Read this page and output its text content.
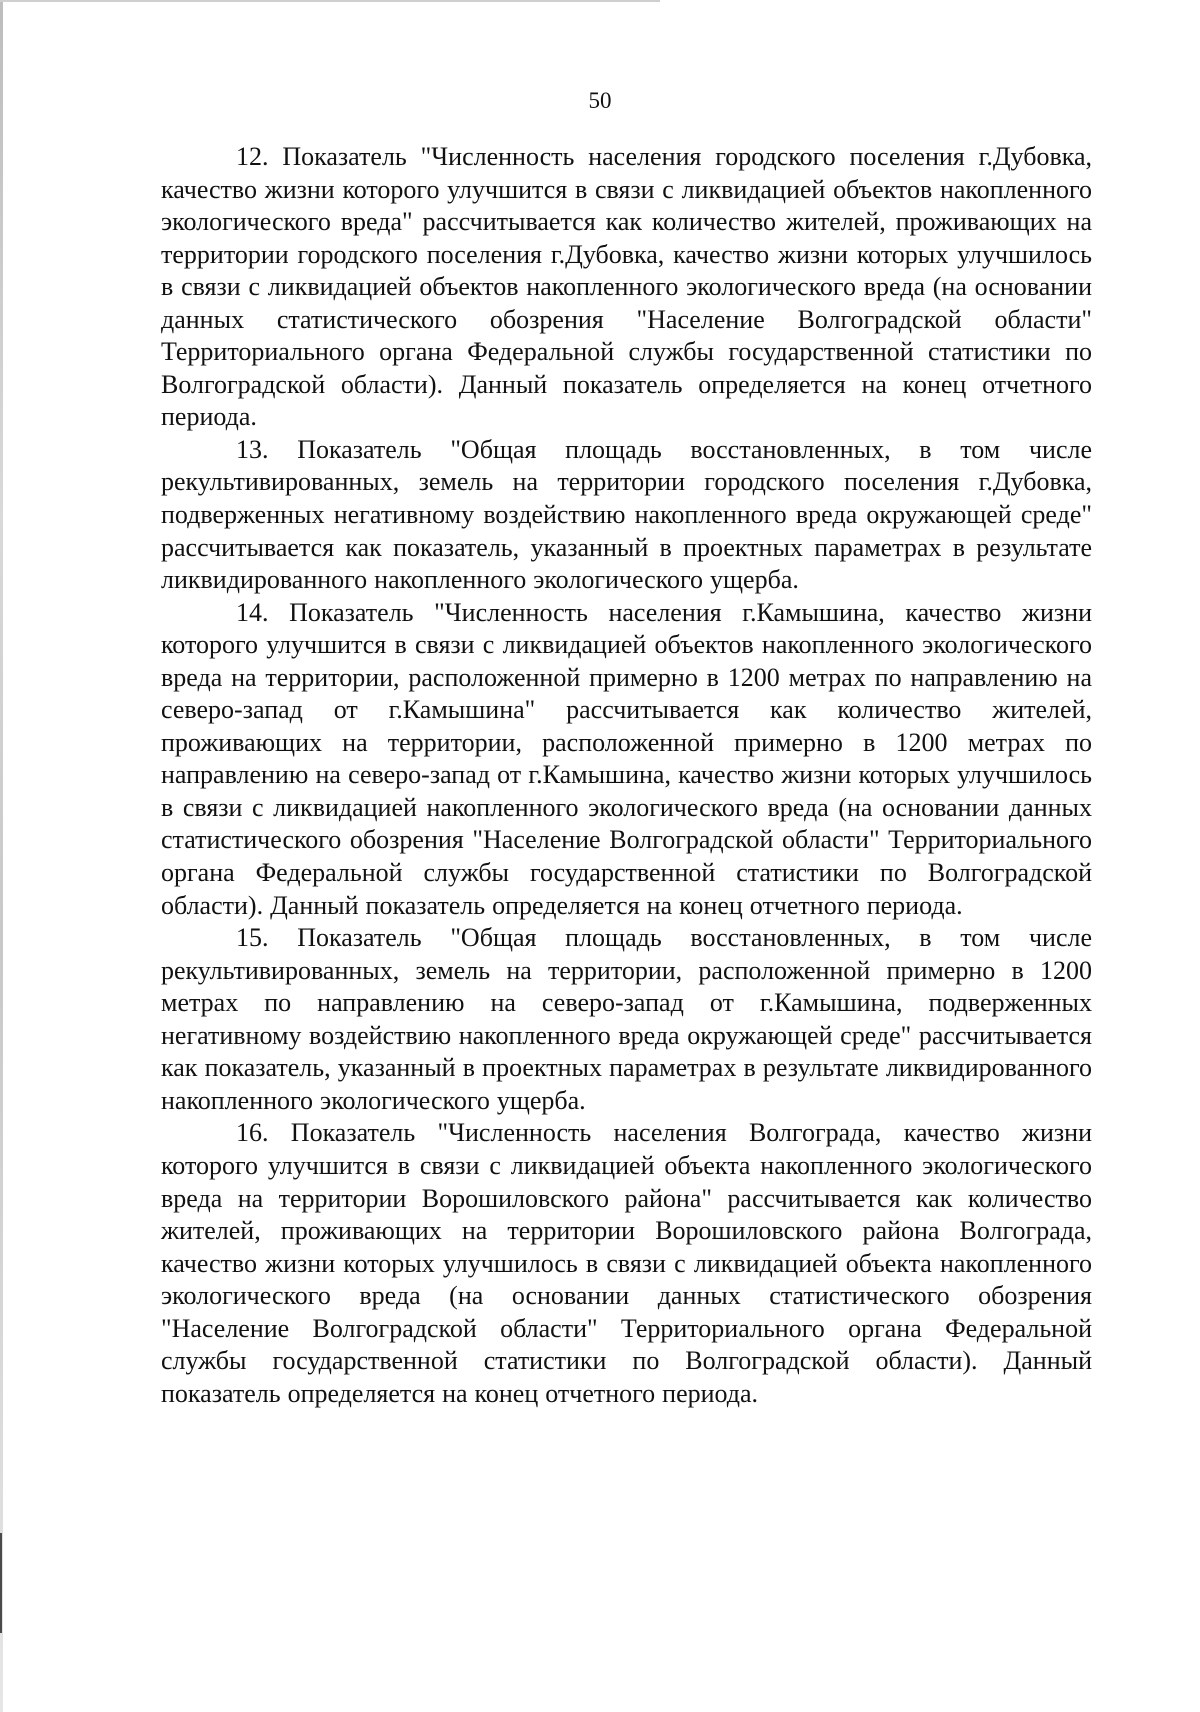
50

12. Показатель "Численность населения городского поселения г.Дубовка, качество жизни которого улучшится в связи с ликвидацией объектов накопленного экологического вреда" рассчитывается как количество жителей, проживающих на территории городского поселения г.Дубовка, качество жизни которых улучшилось в связи с ликвидацией объектов накопленного экологического вреда (на основании данных статистического обозрения "Население Волгоградской области" Территориального органа Федеральной службы государственной статистики по Волгоградской области). Данный показатель определяется на конец отчетного периода.

13. Показатель "Общая площадь восстановленных, в том числе рекультивированных, земель на территории городского поселения г.Дубовка, подверженных негативному воздействию накопленного вреда окружающей среде" рассчитывается как показатель, указанный в проектных параметрах в результате ликвидированного накопленного экологического ущерба.

14. Показатель "Численность населения г.Камышина, качество жизни которого улучшится в связи с ликвидацией объектов накопленного экологического вреда на территории, расположенной примерно в 1200 метрах по направлению на северо-запад от г.Камышина" рассчитывается как количество жителей, проживающих на территории, расположенной примерно в 1200 метрах по направлению на северо-запад от г.Камышина, качество жизни которых улучшилось в связи с ликвидацией накопленного экологического вреда (на основании данных статистического обозрения "Население Волгоградской области" Территориального органа Федеральной службы государственной статистики по Волгоградской области). Данный показатель определяется на конец отчетного периода.

15. Показатель "Общая площадь восстановленных, в том числе рекультивированных, земель на территории, расположенной примерно в 1200 метрах по направлению на северо-запад от г.Камышина, подверженных негативному воздействию накопленного вреда окружающей среде" рассчитывается как показатель, указанный в проектных параметрах в результате ликвидированного накопленного экологического ущерба.

16. Показатель "Численность населения Волгограда, качество жизни которого улучшится в связи с ликвидацией объекта накопленного экологического вреда на территории Ворошиловского района" рассчитывается как количество жителей, проживающих на территории Ворошиловского района Волгограда, качество жизни которых улучшилось в связи с ликвидацией объекта накопленного экологического вреда (на основании данных статистического обозрения "Население Волгоградской области" Территориального органа Федеральной службы государственной статистики по Волгоградской области). Данный показатель определяется на конец отчетного периода.
